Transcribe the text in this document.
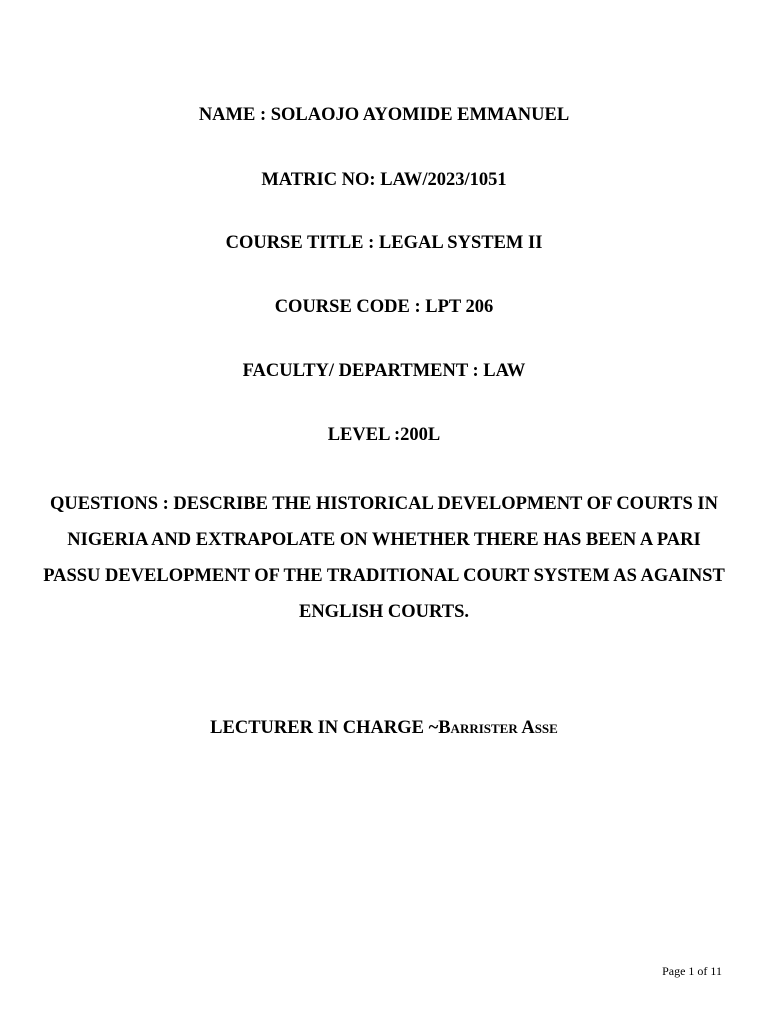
NAME : SOLAOJO AYOMIDE EMMANUEL
MATRIC NO: LAW/2023/1051
COURSE TITLE : LEGAL SYSTEM II
COURSE CODE : LPT 206
FACULTY/ DEPARTMENT : LAW
LEVEL :200L
QUESTIONS : DESCRIBE THE HISTORICAL DEVELOPMENT OF COURTS IN NIGERIA AND EXTRAPOLATE ON WHETHER THERE HAS BEEN A PARI PASSU DEVELOPMENT OF THE TRADITIONAL COURT SYSTEM AS AGAINST ENGLISH COURTS.
LECTURER IN CHARGE ~Barrister Asse
Page 1 of 11
